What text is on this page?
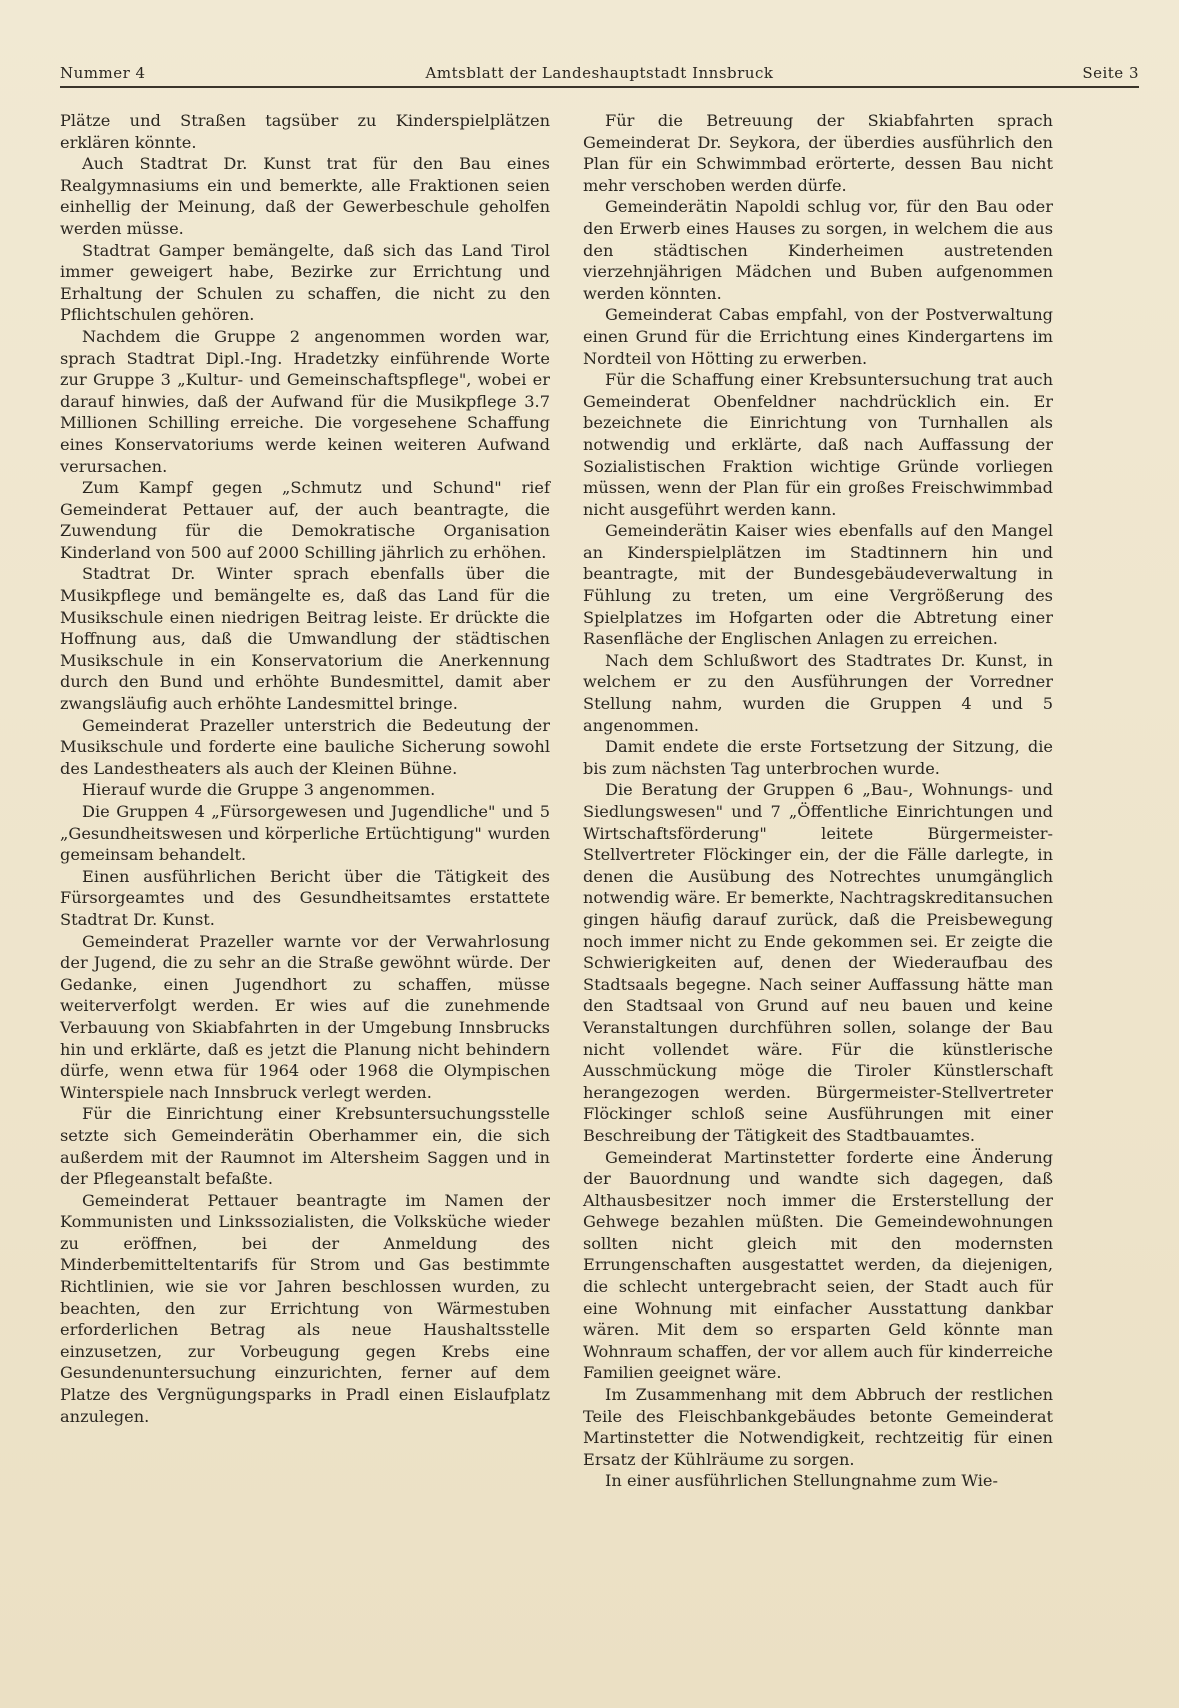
Nummer 4	Amtsblatt der Landeshauptstadt Innsbruck	Seite 3

Plätze und Straßen tagsüber zu Kinderspielplätzen erklären könnte.

Auch Stadtrat Dr. Kunst trat für den Bau eines Realgymnasiums ein und bemerkte, alle Fraktionen seien einhellig der Meinung, daß der Gewerbeschule geholfen werden müsse.

Stadtrat Gamper bemängelte, daß sich das Land Tirol immer geweigert habe, Bezirke zur Errichtung und Erhaltung der Schulen zu schaffen, die nicht zu den Pflichtschulen gehören.

Nachdem die Gruppe 2 angenommen worden war, sprach Stadtrat Dipl.-Ing. Hradetzky einführende Worte zur Gruppe 3 „Kultur- und Gemeinschaftspflege", wobei er darauf hinwies, daß der Aufwand für die Musikpflege 3.7 Millionen Schilling erreiche. Die vorgesehene Schaffung eines Konservatoriums werde keinen weiteren Aufwand verursachen.

Zum Kampf gegen „Schmutz und Schund" rief Gemeinderat Pettauer auf, der auch beantragte, die Zuwendung für die Demokratische Organisation Kinderland von 500 auf 2000 Schilling jährlich zu erhöhen.

Stadtrat Dr. Winter sprach ebenfalls über die Musikpflege und bemängelte es, daß das Land für die Musikschule einen niedrigen Beitrag leiste. Er drückte die Hoffnung aus, daß die Umwandlung der städtischen Musikschule in ein Konservatorium die Anerkennung durch den Bund und erhöhte Bundesmittel, damit aber zwangsläufig auch erhöhte Landesmittel bringe.

Gemeinderat Prazeller unterstrich die Bedeutung der Musikschule und forderte eine bauliche Sicherung sowohl des Landestheaters als auch der Kleinen Bühne.

Hierauf wurde die Gruppe 3 angenommen.

Die Gruppen 4 „Fürsorgewesen und Jugendliche" und 5 „Gesundheitswesen und körperliche Ertüchtigung" wurden gemeinsam behandelt.

Einen ausführlichen Bericht über die Tätigkeit des Fürsorgeamtes und des Gesundheitsamtes erstattete Stadtrat Dr. Kunst.

Gemeinderat Prazeller warnte vor der Verwahrlosung der Jugend, die zu sehr an die Straße gewöhnt würde. Der Gedanke, einen Jugendhort zu schaffen, müsse weiterverfolgt werden. Er wies auf die zunehmende Verbauung von Skiabfahrten in der Umgebung Innsbrucks hin und erklärte, daß es jetzt die Planung nicht behindern dürfe, wenn etwa für 1964 oder 1968 die Olympischen Winterspiele nach Innsbruck verlegt werden.

Für die Einrichtung einer Krebsuntersuchungsstelle setzte sich Gemeinderätin Oberhammer ein, die sich außerdem mit der Raumnot im Altersheim Saggen und in der Pflegeanstalt befaßte.

Gemeinderat Pettauer beantragte im Namen der Kommunisten und Linkssozialisten, die Volksküche wieder zu eröffnen, bei der Anmeldung des Minderbemitteltentarifs für Strom und Gas bestimmte Richtlinien, wie sie vor Jahren beschlossen wurden, zu beachten, den zur Errichtung von Wärmestuben erforderlichen Betrag als neue Haushaltsstelle einzusetzen, zur Vorbeugung gegen Krebs eine Gesundenuntersuchung einzurichten, ferner auf dem Platze des Vergnügungsparks in Pradl einen Eislaufplatz anzulegen.

Für die Betreuung der Skiabfahrten sprach Gemeinderat Dr. Seykora, der überdies ausführlich den Plan für ein Schwimmbad erörterte, dessen Bau nicht mehr verschoben werden dürfe.

Gemeinderätin Napoldi schlug vor, für den Bau oder den Erwerb eines Hauses zu sorgen, in welchem die aus den städtischen Kinderheimen austretenden vierzehnjährigen Mädchen und Buben aufgenommen werden könnten.

Gemeinderat Cabas empfahl, von der Postverwaltung einen Grund für die Errichtung eines Kindergartens im Nordteil von Hötting zu erwerben.

Für die Schaffung einer Krebsuntersuchung trat auch Gemeinderat Obenfeldner nachdrücklich ein. Er bezeichnete die Einrichtung von Turnhallen als notwendig und erklärte, daß nach Auffassung der Sozialistischen Fraktion wichtige Gründe vorliegen müssen, wenn der Plan für ein großes Freischwimmbad nicht ausgeführt werden kann.

Gemeinderätin Kaiser wies ebenfalls auf den Mangel an Kinderspielplätzen im Stadtinnern hin und beantragte, mit der Bundesgebäudeverwaltung in Fühlung zu treten, um eine Vergrößerung des Spielplatzes im Hofgarten oder die Abtretung einer Rasenfläche der Englischen Anlagen zu erreichen.

Nach dem Schlußwort des Stadtrates Dr. Kunst, in welchem er zu den Ausführungen der Vorredner Stellung nahm, wurden die Gruppen 4 und 5 angenommen.

Damit endete die erste Fortsetzung der Sitzung, die bis zum nächsten Tag unterbrochen wurde.

Die Beratung der Gruppen 6 „Bau-, Wohnungs- und Siedlungswesen" und 7 „Öffentliche Einrichtungen und Wirtschaftsförderung" leitete Bürgermeister-Stellvertreter Flöckinger ein, der die Fälle darlegte, in denen die Ausübung des Notrechtes unumgänglich notwendig wäre. Er bemerkte, Nachtragskreditansuchen gingen häufig darauf zurück, daß die Preisbewegung noch immer nicht zu Ende gekommen sei. Er zeigte die Schwierigkeiten auf, denen der Wiederaufbau des Stadtsaals begegne. Nach seiner Auffassung hätte man den Stadtsaal von Grund auf neu bauen und keine Veranstaltungen durchführen sollen, solange der Bau nicht vollendet wäre. Für die künstlerische Ausschmückung möge die Tiroler Künstlerschaft herangezogen werden. Bürgermeister-Stellvertreter Flöckinger schloß seine Ausführungen mit einer Beschreibung der Tätigkeit des Stadtbauamtes.

Gemeinderat Martinstetter forderte eine Änderung der Bauordnung und wandte sich dagegen, daß Althausbesitzer noch immer die Ersterstellung der Gehwege bezahlen müßten. Die Gemeindewohnungen sollten nicht gleich mit den modernsten Errungenschaften ausgestattet werden, da diejenigen, die schlecht untergebracht seien, der Stadt auch für eine Wohnung mit einfacher Ausstattung dankbar wären. Mit dem so ersparten Geld könnte man Wohnraum schaffen, der vor allem auch für kinderreiche Familien geeignet wäre.

Im Zusammenhang mit dem Abbruch der restlichen Teile des Fleischbankgebäudes betonte Gemeinderat Martinstetter die Notwendigkeit, rechtzeitig für einen Ersatz der Kühlräume zu sorgen.

In einer ausführlichen Stellungnahme zum Wie-
